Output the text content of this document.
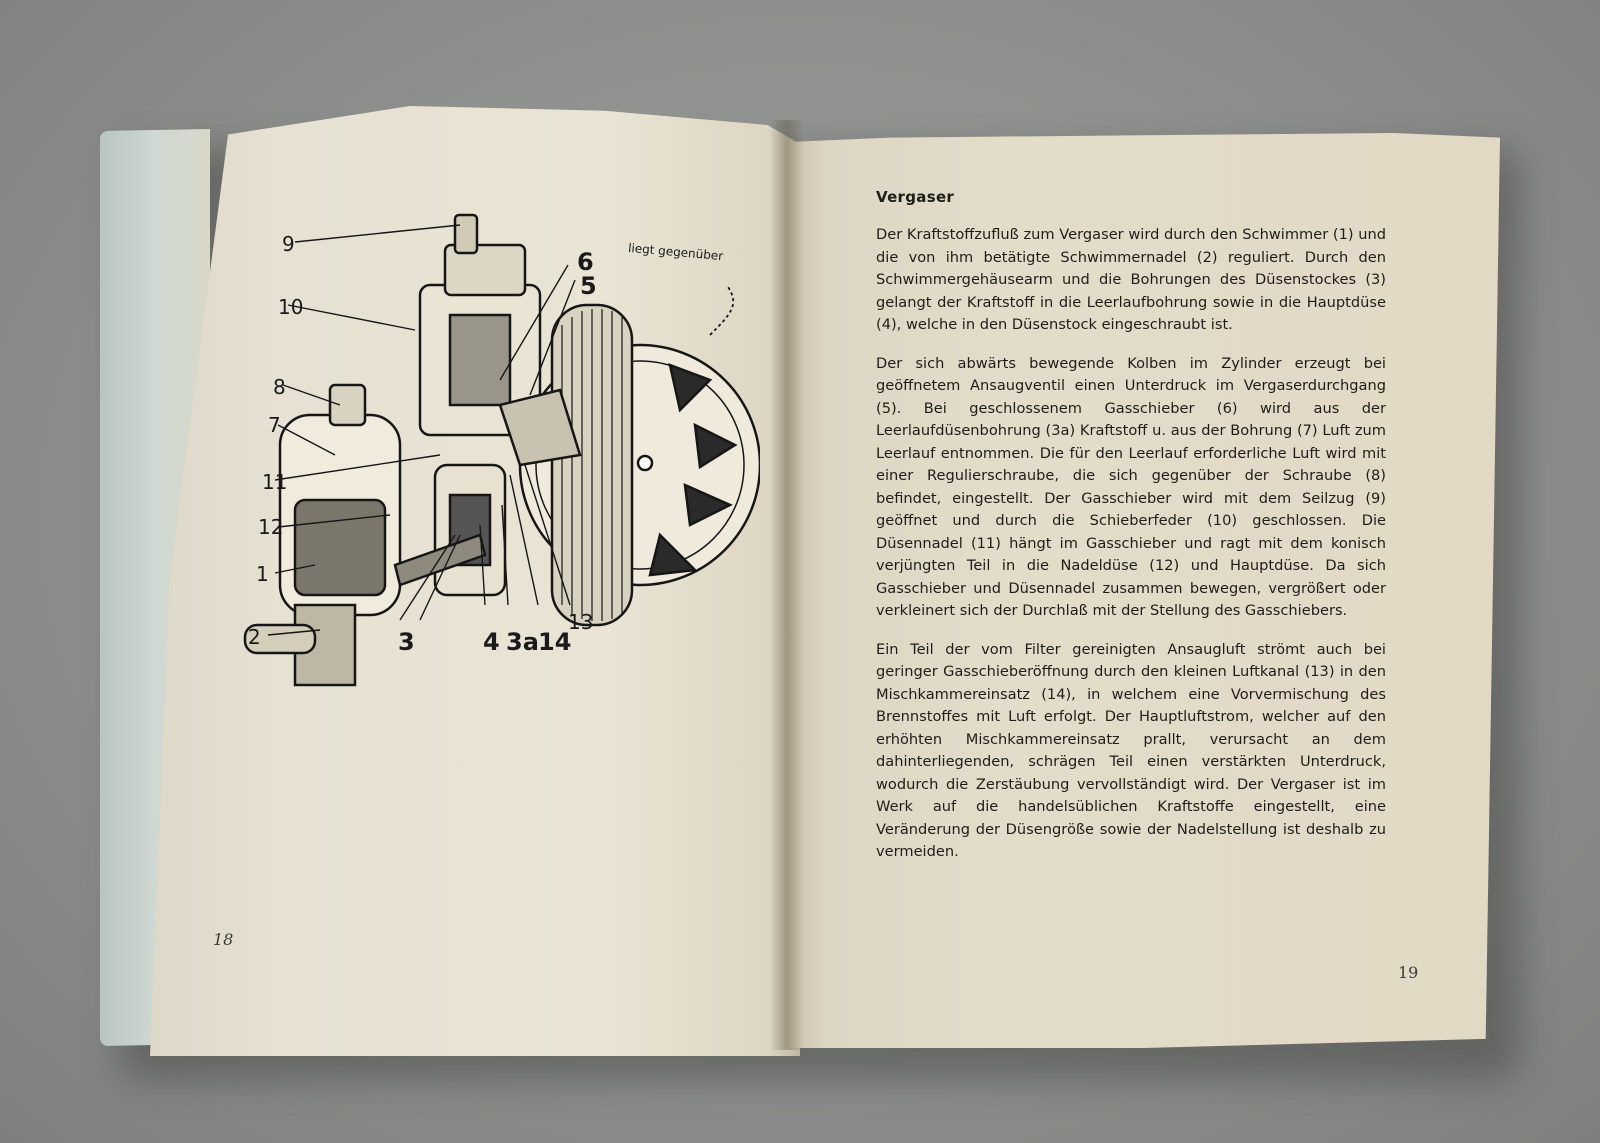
9
10
8
7
11
12
1
2	3	4 3a 14
13
6
5
liegt gegenüber
18
19

Vergaser

Der Kraftstoffzufluß zum Vergaser wird durch den Schwimmer (1) und die von ihm betätigte Schwimmernadel (2) reguliert. Durch den Schwimmergehäusearm und die Bohrungen des Düsenstockes (3) gelangt der Kraftstoff in die Leerlaufbohrung sowie in die Hauptdüse (4), welche in den Düsenstock eingeschraubt ist.

Der sich abwärts bewegende Kolben im Zylinder erzeugt bei geöffnetem Ansaugventil einen Unterdruck im Vergaserdurchgang (5). Bei geschlossenem Gasschieber (6) wird aus der Leerlaufdüsenbohrung (3a) Kraftstoff u. aus der Bohrung (7) Luft zum Leerlauf entnommen. Die für den Leerlauf erforderliche Luft wird mit einer Regulierschraube, die sich gegenüber der Schraube (8) befindet, eingestellt. Der Gasschieber wird mit dem Seilzug (9) geöffnet und durch die Schieberfeder (10) geschlossen. Die Düsennadel (11) hängt im Gasschieber und ragt mit dem konisch verjüngten Teil in die Nadeldüse (12) und Hauptdüse. Da sich Gasschieber und Düsennadel zusammen bewegen, vergrößert oder verkleinert sich der Durchlaß mit der Stellung des Gasschiebers.

Ein Teil der vom Filter gereinigten Ansaugluft strömt auch bei geringer Gasschieberöffnung durch den kleinen Luftkanal (13) in den Mischkammereinsatz (14), in welchem eine Vorvermischung des Brennstoffes mit Luft erfolgt. Der Hauptluftstrom, welcher auf den erhöhten Mischkammereinsatz prallt, verursacht an dem dahinterliegenden, schrägen Teil einen verstärkten Unterdruck, wodurch die Zerstäubung vervollständigt wird. Der Vergaser ist im Werk auf die handelsüblichen Kraftstoffe eingestellt, eine Veränderung der Düsengröße sowie der Nadelstellung ist deshalb zu vermeiden.
